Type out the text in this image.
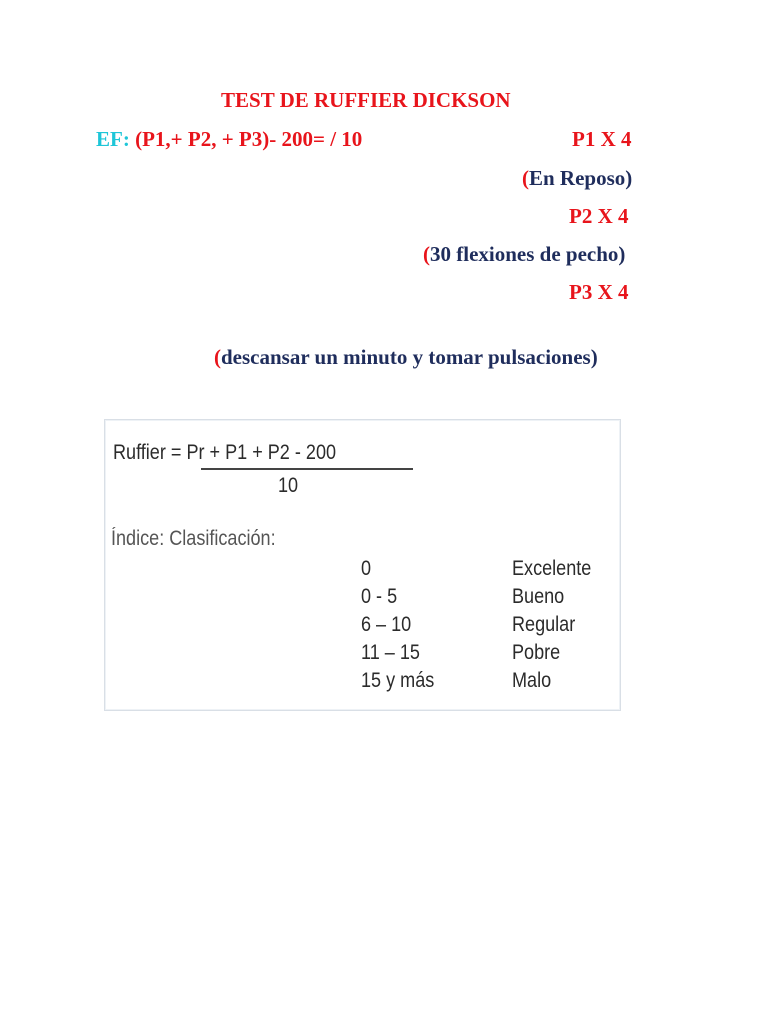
TEST DE RUFFIER DICKSON
EF: (P1,+ P2, + P3)- 200= / 10	P1 X 4
(En Reposo)
P2 X 4
(30 flexiones de pecho)
P3 X 4
(descansar un minuto y tomar pulsaciones)
Ruffier = Pr + P1 + P2 - 200
10
Índice: Clasificación:
0	Excelente
0 - 5	Bueno
6 – 10	Regular
11 – 15	Pobre
15 y más	Malo
